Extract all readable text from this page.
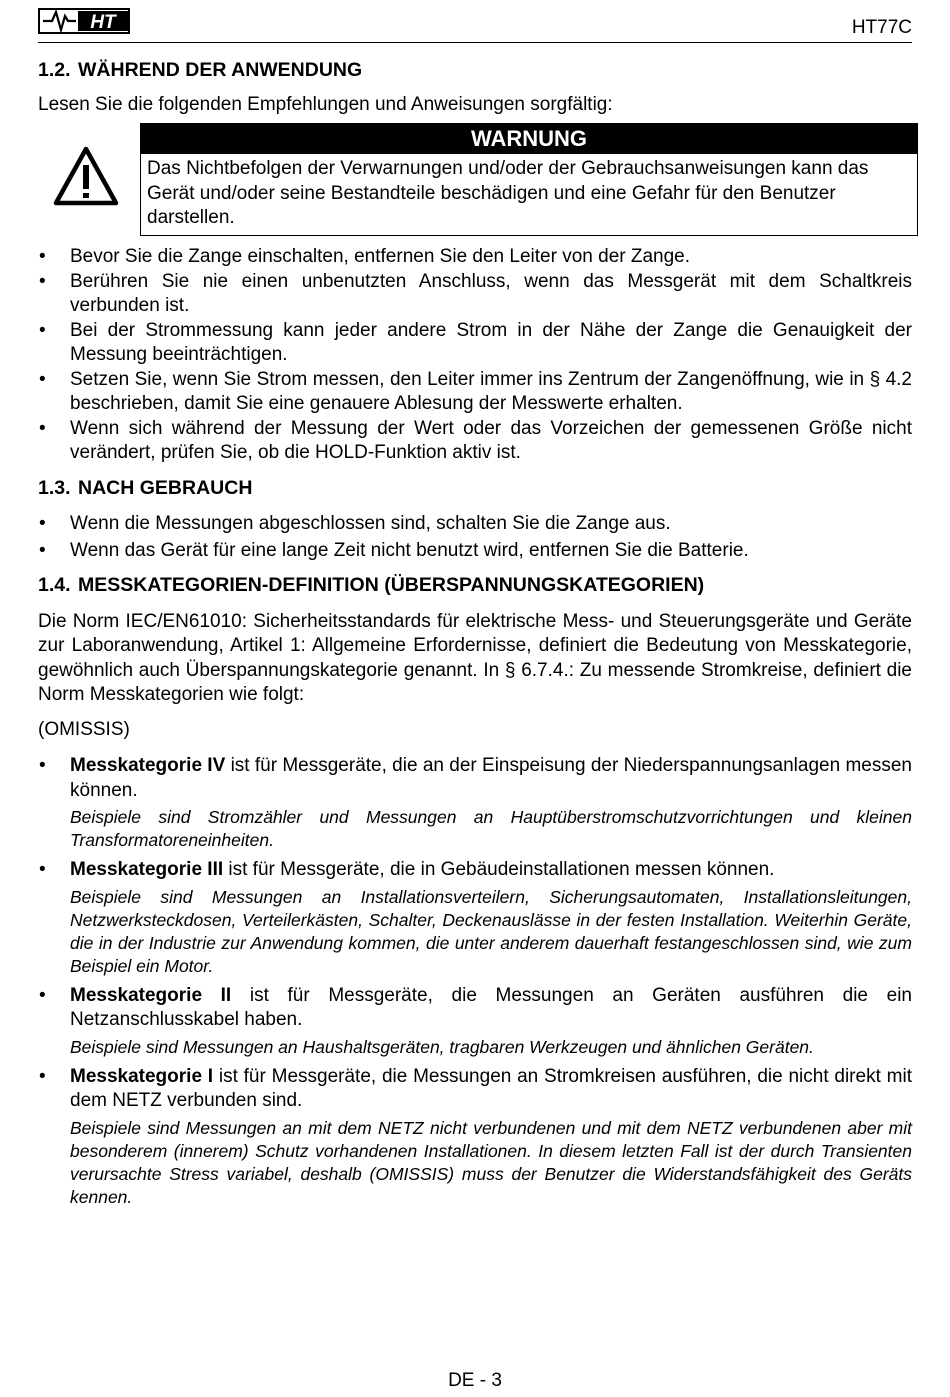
HT	HT77C
1.2. WÄHREND DER ANWENDUNG

Lesen Sie die folgenden Empfehlungen und Anweisungen sorgfältig:

WARNUNG
Das Nichtbefolgen der Verwarnungen und/oder der Gebrauchsanweisungen kann das Gerät und/oder seine Bestandteile beschädigen und eine Gefahr für den Benutzer darstellen.
• Bevor Sie die Zange einschalten, entfernen Sie den Leiter von der Zange.
• Berühren Sie nie einen unbenutzten Anschluss, wenn das Messgerät mit dem Schaltkreis verbunden ist.
• Bei der Strommessung kann jeder andere Strom in der Nähe der Zange die Genauigkeit der Messung beeinträchtigen.
• Setzen Sie, wenn Sie Strom messen, den Leiter immer ins Zentrum der Zangenöffnung, wie in § 4.2 beschrieben, damit Sie eine genauere Ablesung der Messwerte erhalten.
• Wenn sich während der Messung der Wert oder das Vorzeichen der gemessenen Größe nicht verändert, prüfen Sie, ob die HOLD-Funktion aktiv ist.
1.3. NACH GEBRAUCH
• Wenn die Messungen abgeschlossen sind, schalten Sie die Zange aus.
• Wenn das Gerät für eine lange Zeit nicht benutzt wird, entfernen Sie die Batterie.
1.4. MESSKATEGORIEN-DEFINITION (ÜBERSPANNUNGSKATEGORIEN)

Die Norm IEC/EN61010: Sicherheitsstandards für elektrische Mess- und Steuerungsgeräte und Geräte zur Laboranwendung, Artikel 1: Allgemeine Erfordernisse, definiert die Bedeutung von Messkategorie, gewöhnlich auch Überspannungskategorie genannt. In § 6.7.4.: Zu messende Stromkreise, definiert die Norm Messkategorien wie folgt:

(OMISSIS)

• Messkategorie IV ist für Messgeräte, die an der Einspeisung der Niederspannungsanlagen messen können.
Beispiele sind Stromzähler und Messungen an Hauptüberstromschutzvorrichtungen und kleinen Transformatoreneinheiten.
• Messkategorie III ist für Messgeräte, die in Gebäudeinstallationen messen können.
Beispiele sind Messungen an Installationsverteilern, Sicherungsautomaten, Installationsleitungen, Netzwerksteckdosen, Verteilerkästen, Schalter, Deckenauslässe in der festen Installation. Weiterhin Geräte, die in der Industrie zur Anwendung kommen, die unter anderem dauerhaft festangeschlossen sind, wie zum Beispiel ein Motor.
• Messkategorie II ist für Messgeräte, die Messungen an Geräten ausführen die ein Netzanschlusskabel haben.
Beispiele sind Messungen an Haushaltsgeräten, tragbaren Werkzeugen und ähnlichen Geräten.
• Messkategorie I ist für Messgeräte, die Messungen an Stromkreisen ausführen, die nicht direkt mit dem NETZ verbunden sind.
Beispiele sind Messungen an mit dem NETZ nicht verbundenen und mit dem NETZ verbundenen aber mit besonderem (innerem) Schutz vorhandenen Installationen. In diesem letzten Fall ist der durch Transienten verursachte Stress variabel, deshalb (OMISSIS) muss der Benutzer die Widerstandsfähigkeit des Geräts kennen.
DE - 3
